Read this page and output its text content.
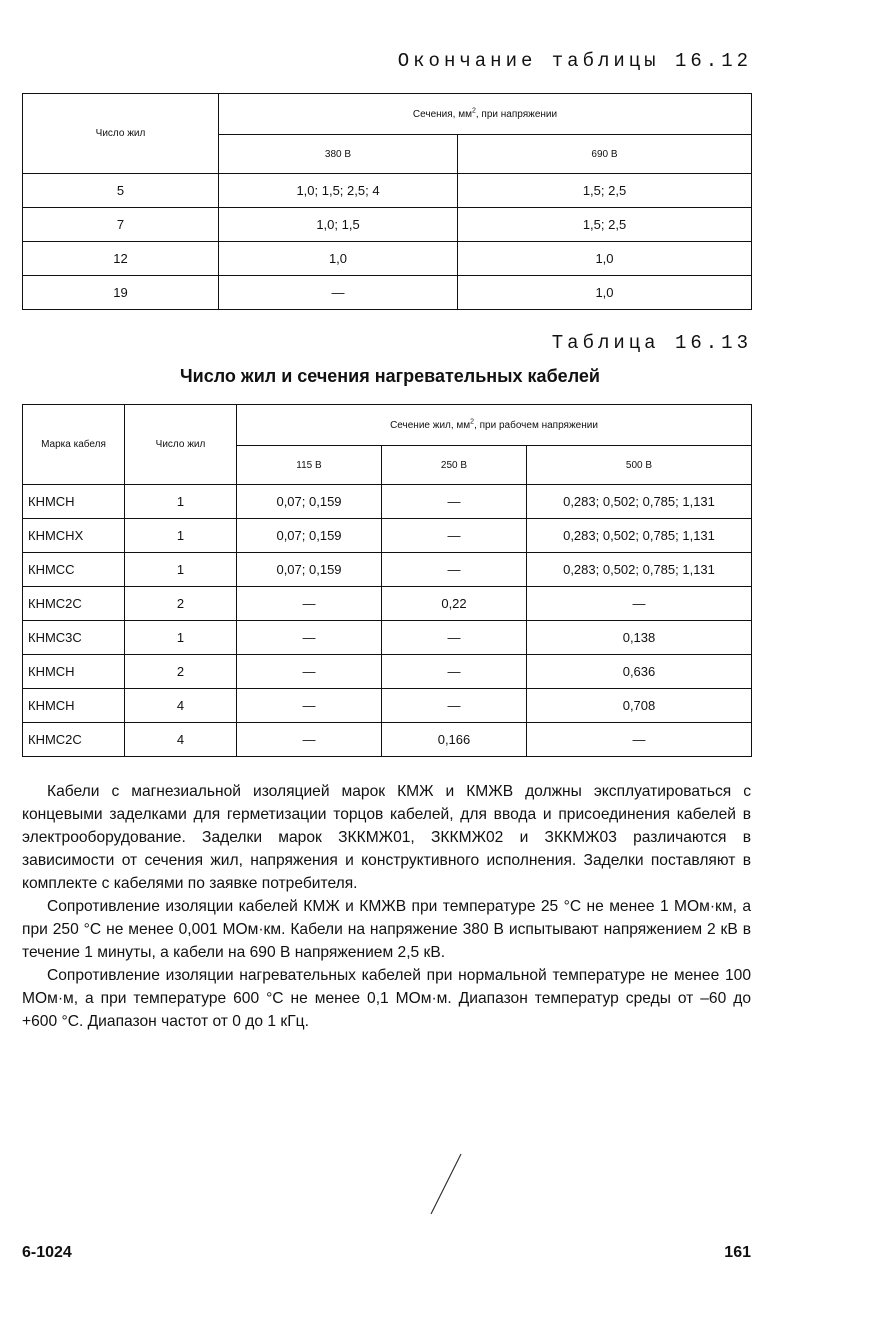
Окончание таблицы 16.12
Число жил	Сечения, $мм^2$, при напряжении	
	380 В	690 В
5	1,0; 1,5; 2,5; 4	1,5; 2,5
7	1,0; 1,5	1,5; 2,5
12	1,0	1,0
19	—	1,0
Таблица 16.13
Число жил и сечения нагревательных кабелей
Марка кабеля	Число жил	Сечение жил, $мм^2$, при рабочем напряжении		
		115 В	250 В	500 В
КНМСН	1	0,07; 0,159	—	0,283; 0,502; 0,785; 1,131
КНМСНХ	1	0,07; 0,159	—	0,283; 0,502; 0,785; 1,131
КНМСС	1	0,07; 0,159	—	0,283; 0,502; 0,785; 1,131
КНМС2С	2	—	0,22	—
КНМС3С	1	—	—	0,138
КНМСН	2	—	—	0,636
КНМСН	4	—	—	0,708
КНМС2С	4	—	0,166	—

Кабели с магнезиальной изоляцией марок КМЖ и КМЖВ должны эксплуатироваться с концевыми заделками для герметизации торцов кабелей, для ввода и присоединения кабелей в электрооборудование. Заделки марок ЗККМЖ01, ЗККМЖ02 и ЗККМЖ03 различаются в зависимости от сечения жил, напряжения и конструктивного исполнения. Заделки поставляют в комплекте с кабелями по заявке потребителя.

Сопротивление изоляции кабелей КМЖ и КМЖВ при температуре 25 °С не менее 1 МОм·км, а при 250 °С не менее 0,001 МОм·км. Кабели на напряжение 380 В испытывают напряжением 2 кВ в течение 1 минуты, а кабели на 690 В напряжением 2,5 кВ.

Сопротивление изоляции нагревательных кабелей при нормальной температуре не менее 100 МОм·м, а при температуре 600 °С не менее 0,1 МОм·м. Диапазон температур среды от –60 до +600 °С. Диапазон частот от 0 до 1 кГц.

6-1024	161
